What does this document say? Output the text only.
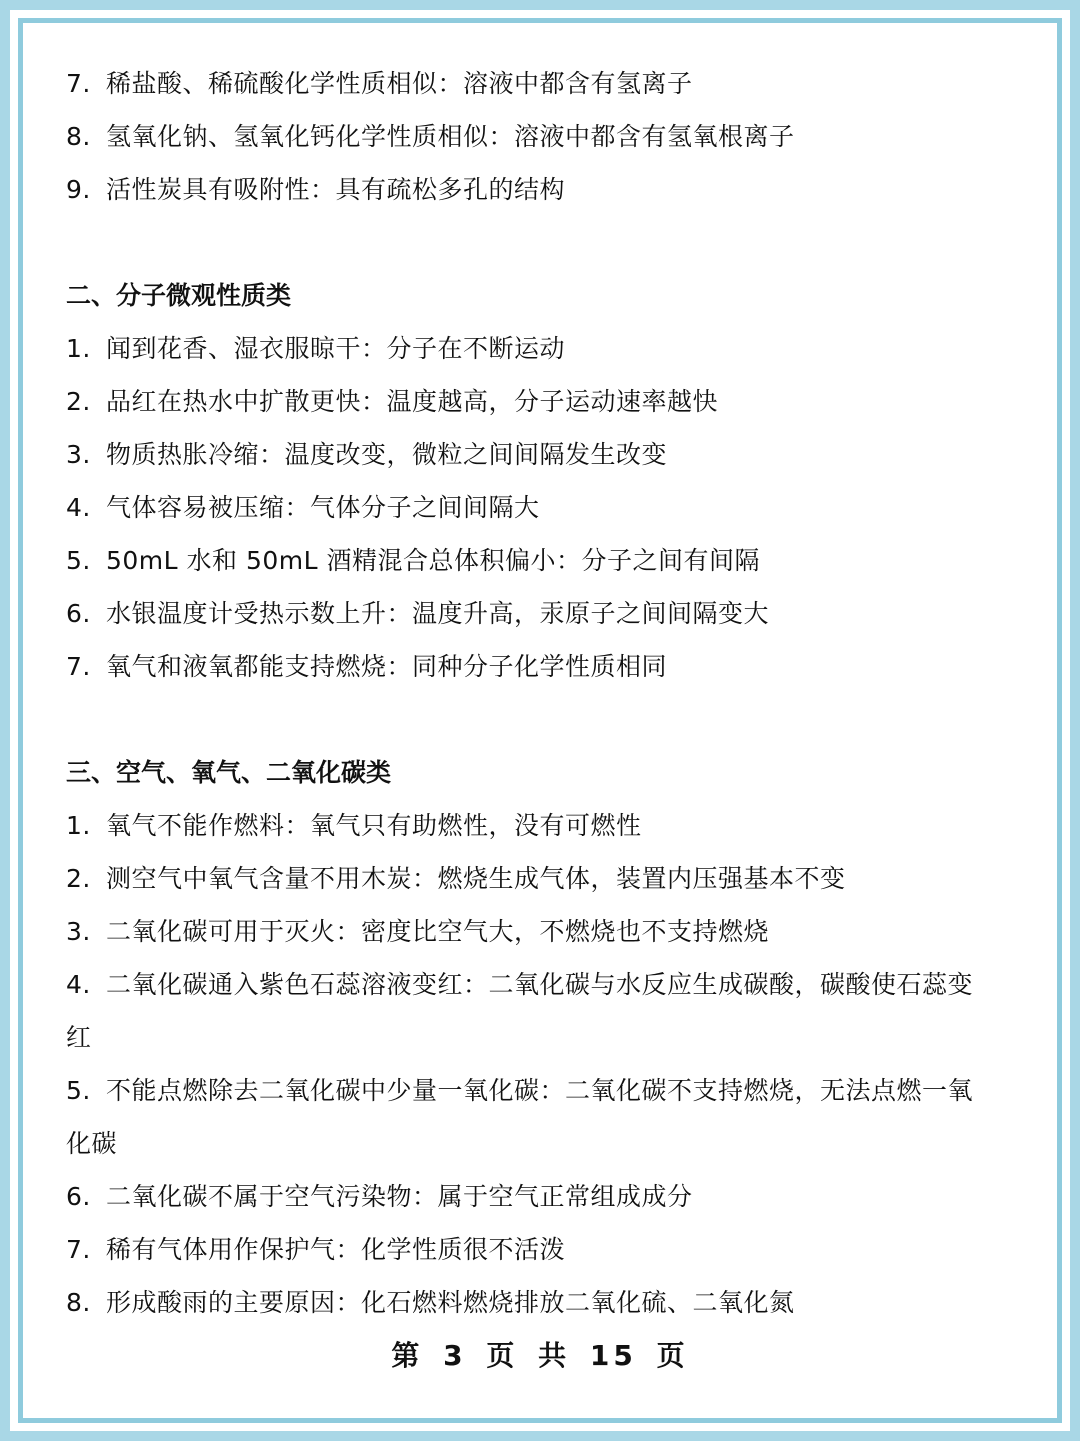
7. 稀盐酸、稀硫酸化学性质相似：溶液中都含有氢离子
8. 氢氧化钠、氢氧化钙化学性质相似：溶液中都含有氢氧根离子
9. 活性炭具有吸附性：具有疏松多孔的结构
二、分子微观性质类
1. 闻到花香、湿衣服晾干：分子在不断运动
2. 品红在热水中扩散更快：温度越高，分子运动速率越快
3. 物质热胀冷缩：温度改变，微粒之间间隔发生改变
4. 气体容易被压缩：气体分子之间间隔大
5. 50mL 水和 50mL 酒精混合总体积偏小：分子之间有间隔
6. 水银温度计受热示数上升：温度升高，汞原子之间间隔变大
7. 氧气和液氧都能支持燃烧：同种分子化学性质相同
三、空气、氧气、二氧化碳类
1. 氧气不能作燃料：氧气只有助燃性，没有可燃性
2. 测空气中氧气含量不用木炭：燃烧生成气体，装置内压强基本不变
3. 二氧化碳可用于灭火：密度比空气大，不燃烧也不支持燃烧
4. 二氧化碳通入紫色石蕊溶液变红：二氧化碳与水反应生成碳酸，碳酸使石蕊变
红
5. 不能点燃除去二氧化碳中少量一氧化碳：二氧化碳不支持燃烧，无法点燃一氧
化碳
6. 二氧化碳不属于空气污染物：属于空气正常组成成分
7. 稀有气体用作保护气：化学性质很不活泼
8. 形成酸雨的主要原因：化石燃料燃烧排放二氧化硫、二氧化氮
第 3 页 共 15 页
